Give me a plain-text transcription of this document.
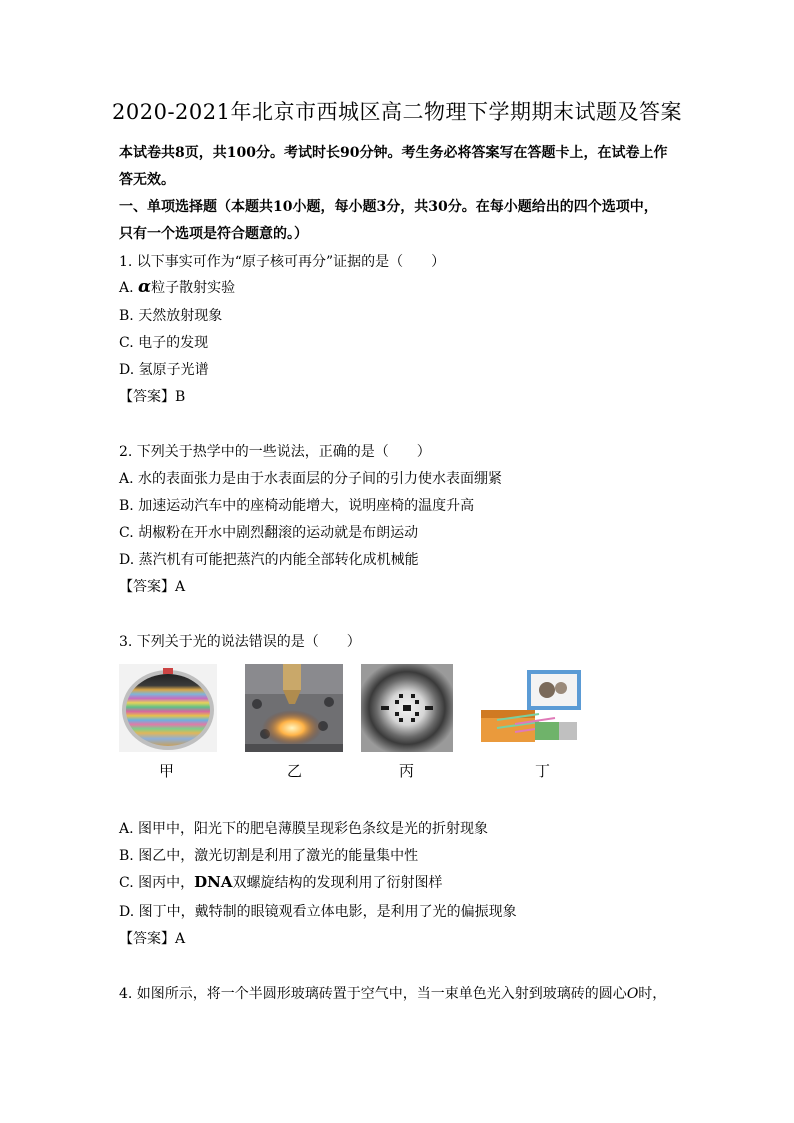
2020-2021年北京市西城区高二物理下学期期末试题及答案
本试卷共8页，共100分。考试时长90分钟。考生务必将答案写在答题卡上，在试卷上作
答无效。
一、单项选择题（本题共10小题，每小题3分，共30分。在每小题给出的四个选项中，
只有一个选项是符合题意的。）
1. 以下事实可作为“原子核可再分”证据的是（　　）
A. α粒子散射实验
B. 天然放射现象
C. 电子的发现
D. 氢原子光谱
【答案】B
2. 下列关于热学中的一些说法，正确的是（　　）
A. 水的表面张力是由于水表面层的分子间的引力使水表面绷紧
B. 加速运动汽车中的座椅动能增大，说明座椅的温度升高
C. 胡椒粉在开水中剧烈翻滚的运动就是布朗运动
D. 蒸汽机有可能把蒸汽的内能全部转化成机械能
【答案】A
3. 下列关于光的说法错误的是（　　）
甲	乙	丙	丁
A. 图甲中，阳光下的肥皂薄膜呈现彩色条纹是光的折射现象
B. 图乙中，激光切割是利用了激光的能量集中性
C. 图丙中，DNA双螺旋结构的发现利用了衍射图样
D. 图丁中，戴特制的眼镜观看立体电影，是利用了光的偏振现象
【答案】A
4. 如图所示，将一个半圆形玻璃砖置于空气中，当一束单色光入射到玻璃砖的圆心O时，
